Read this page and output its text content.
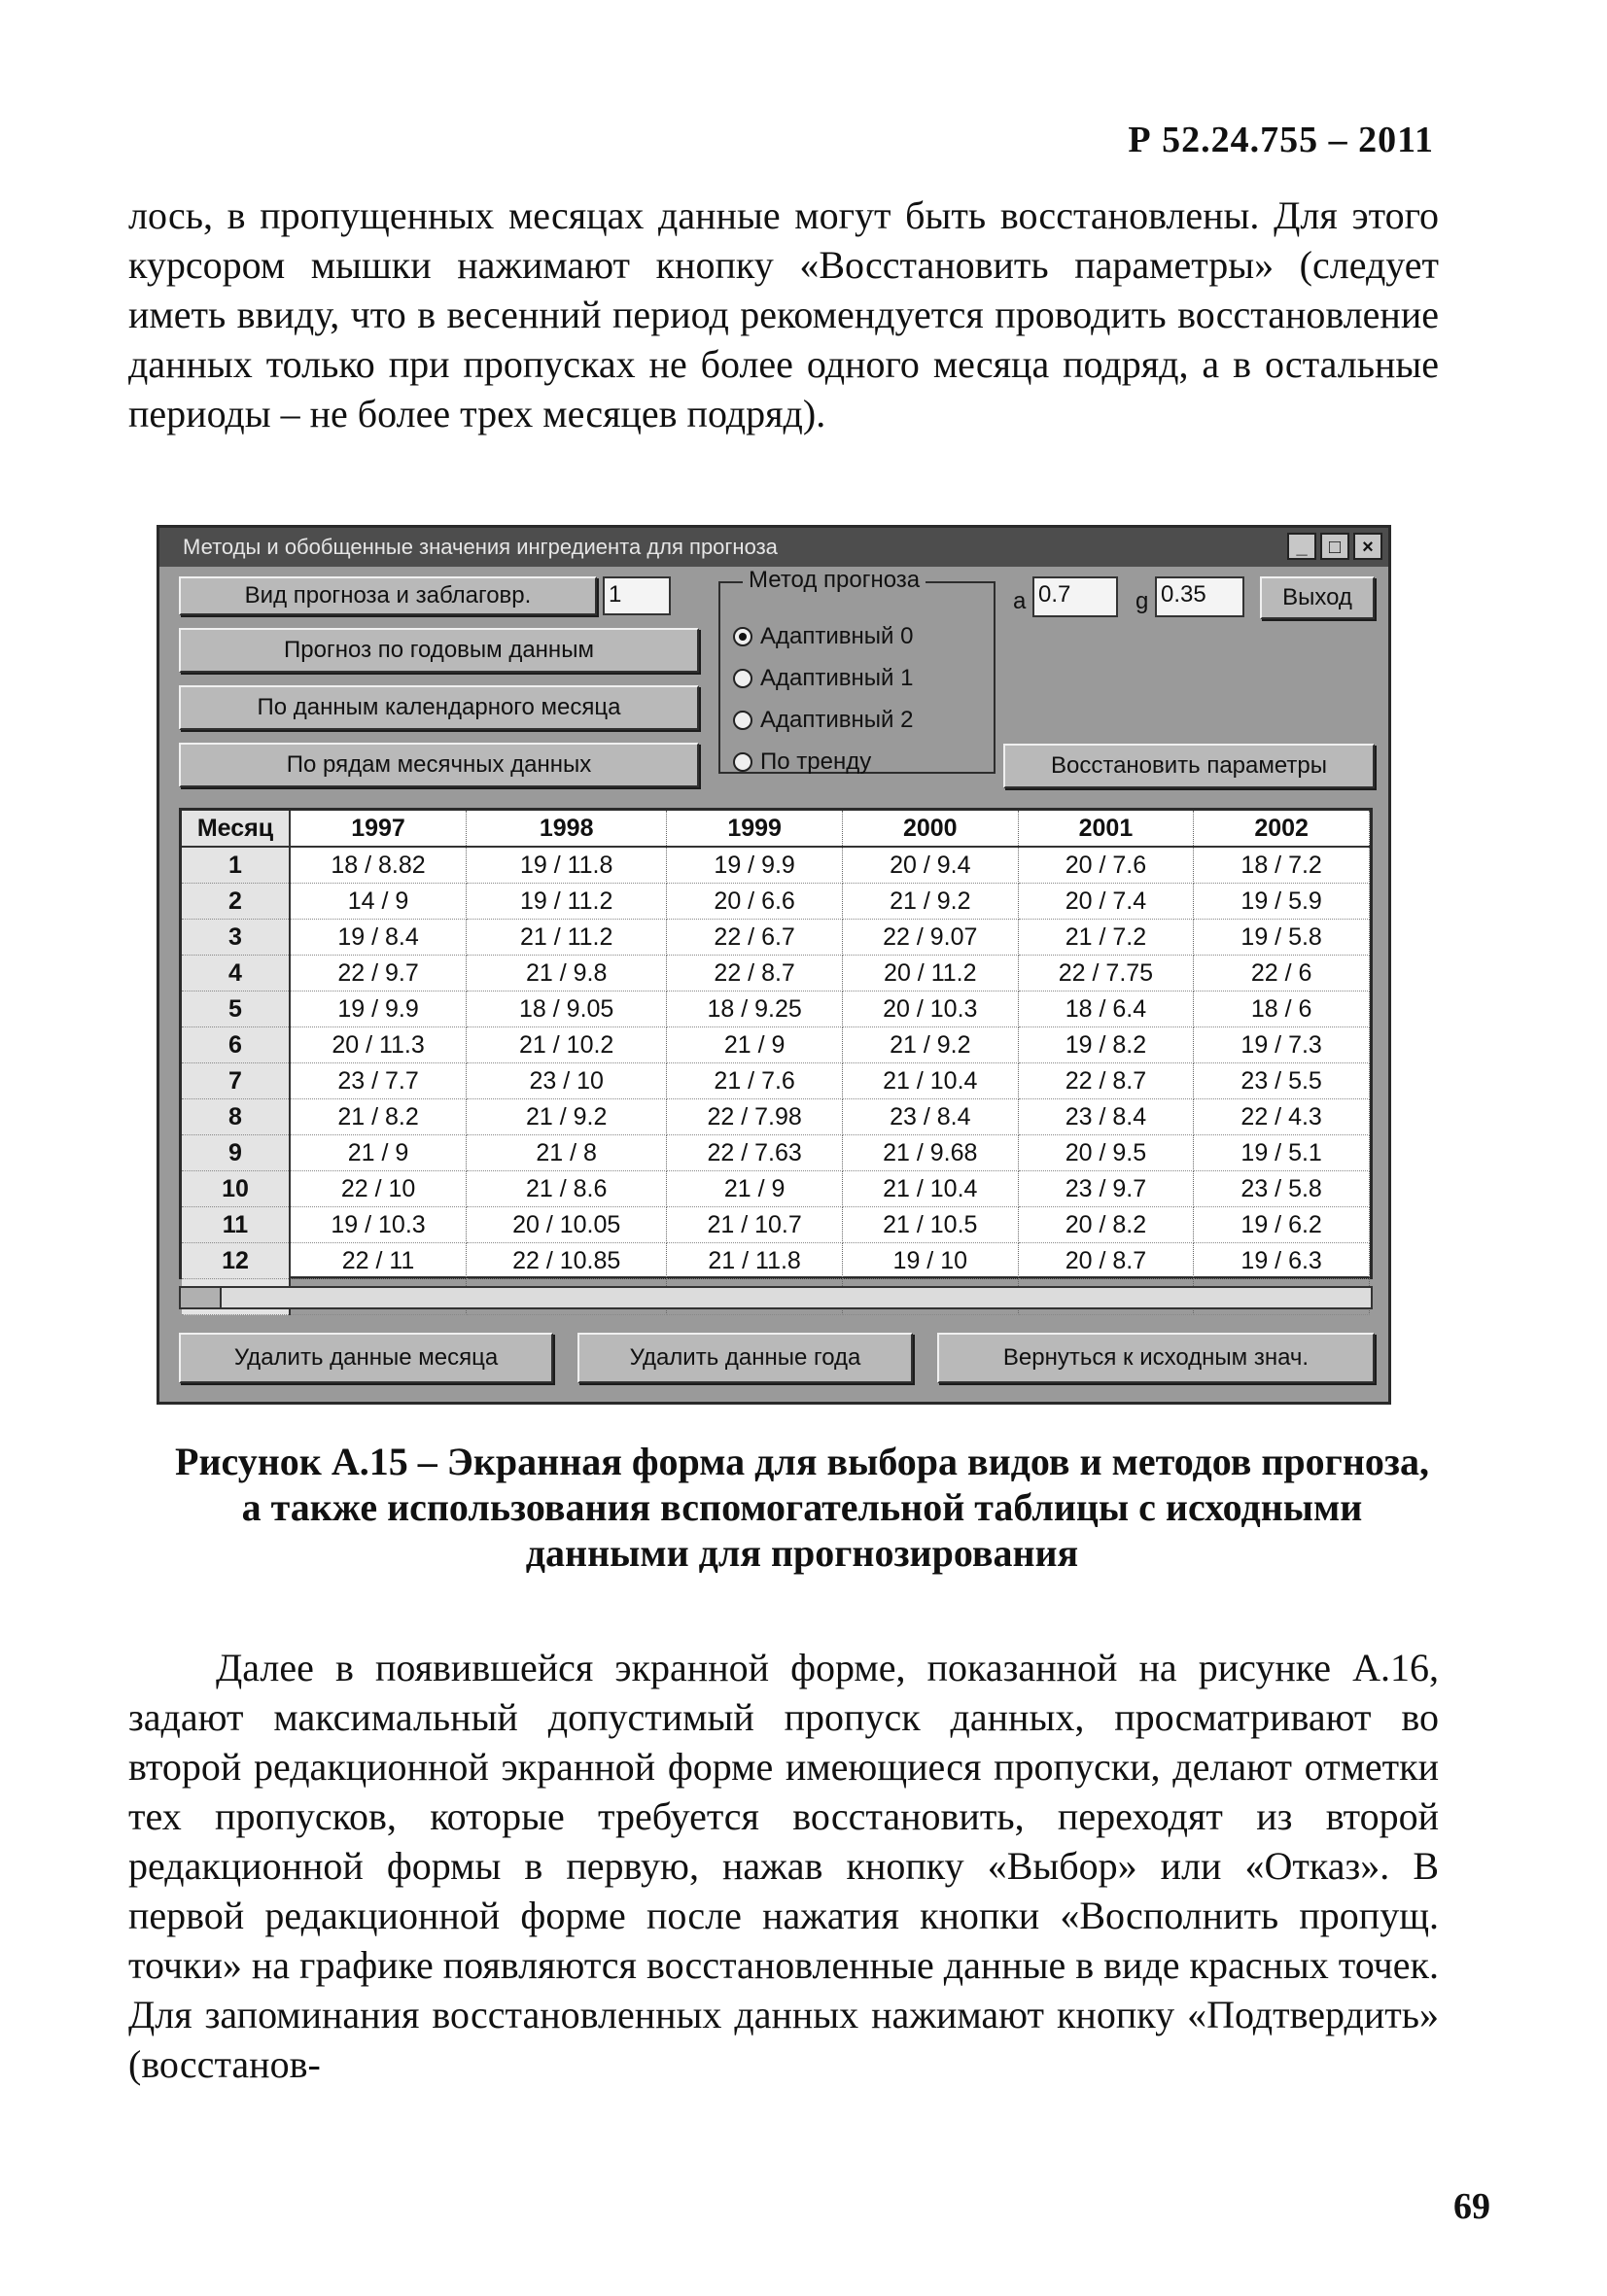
Р 52.24.755 – 2011
лось, в пропущенных месяцах данные могут быть восстановлены. Для этого курсором мышки нажимают кнопку «Восстановить параметры» (следует иметь ввиду, что в весенний период рекомендуется проводить восстановление данных только при пропусках не более одного месяца подряд, а в остальные периоды – не более трех месяцев подряд).
Методы и обобщенные значения ингредиента для прогноза	_	□	×
Вид прогноза и заблаговр.	1
Прогноз по годовым данным
По данным календарного месяца
По рядам месячных данных
Метод прогноза
Адаптивный 0
Адаптивный 1
Адаптивный 2
По тренду
a 0.7	g 0.35	Выход
Восстановить параметры
Месяц	1997	1998	1999	2000	2001	2002
1	18 / 8.82	19 / 11.8	19 / 9.9	20 / 9.4	20 / 7.6	18 / 7.2
2	14 / 9	19 / 11.2	20 / 6.6	21 / 9.2	20 / 7.4	19 / 5.9
3	19 / 8.4	21 / 11.2	22 / 6.7	22 / 9.07	21 / 7.2	19 / 5.8
4	22 / 9.7	21 / 9.8	22 / 8.7	20 / 11.2	22 / 7.75	22 / 6
5	19 / 9.9	18 / 9.05	18 / 9.25	20 / 10.3	18 / 6.4	18 / 6
6	20 / 11.3	21 / 10.2	21 / 9	21 / 9.2	19 / 8.2	19 / 7.3
7	23 / 7.7	23 / 10	21 / 7.6	21 / 10.4	22 / 8.7	23 / 5.5
8	21 / 8.2	21 / 9.2	22 / 7.98	23 / 8.4	23 / 8.4	22 / 4.3
9	21 / 9	21 / 8	22 / 7.63	21 / 9.68	20 / 9.5	19 / 5.1
10	22 / 10	21 / 8.6	21 / 9	21 / 10.4	23 / 9.7	23 / 5.8
11	19 / 10.3	20 / 10.05	21 / 10.7	21 / 10.5	20 / 8.2	19 / 6.2
12	22 / 11	22 / 10.85	21 / 11.8	19 / 10	20 / 8.7	19 / 6.3

Удалить данные месяца	Удалить данные года	Вернуться к исходным знач.
Рисунок А.15 – Экранная форма для выбора видов и методов прогноза, а также использования вспомогательной таблицы с исходными данными для прогнозирования
Далее в появившейся экранной форме, показанной на рисунке А.16, задают максимальный допустимый пропуск данных, просматривают во второй редакционной экранной форме имеющиеся пропуски, делают отметки тех пропусков, которые требуется восстановить, переходят из второй редакционной формы в первую, нажав кнопку «Выбор» или «Отказ». В первой редакционной форме после нажатия кнопки «Восполнить пропущ. точки» на графике появляются восстановленные данные в виде красных точек. Для запоминания восстановленных данных нажимают кнопку «Подтвердить» (восстанов-
69
